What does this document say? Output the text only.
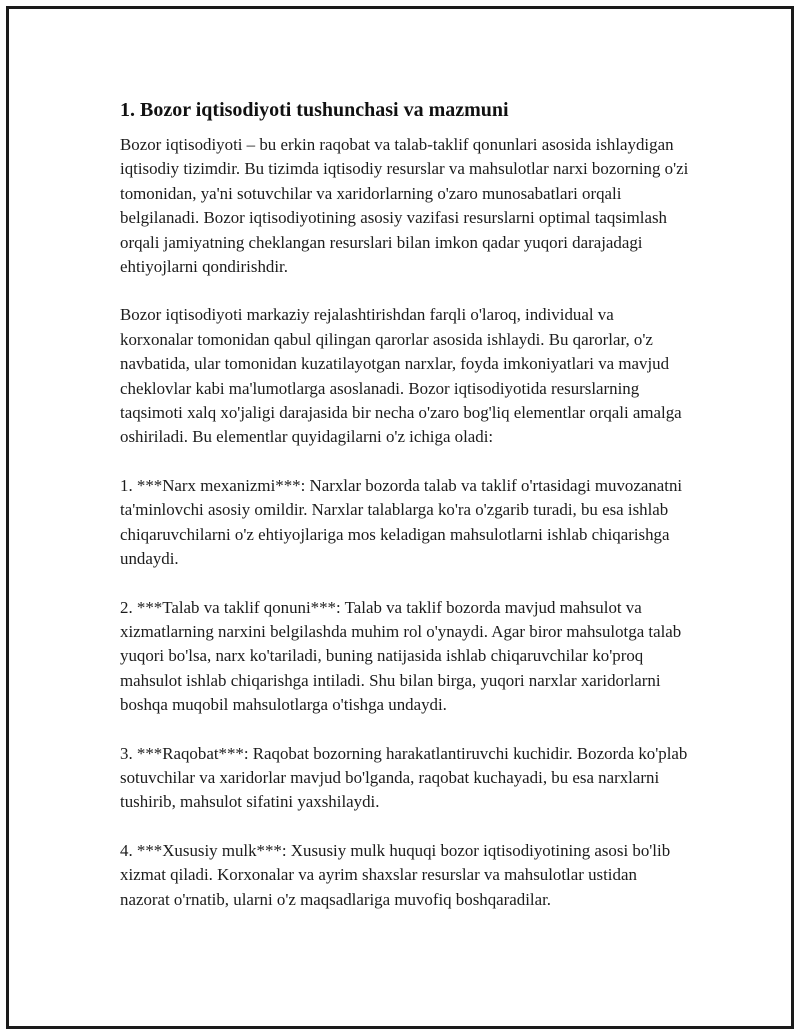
1. Bozor iqtisodiyoti tushunchasi va mazmuni

Bozor iqtisodiyoti – bu erkin raqobat va talab-taklif qonunlari asosida ishlaydigan iqtisodiy tizimdir. Bu tizimda iqtisodiy resurslar va mahsulotlar narxi bozorning o'zi tomonidan, ya'ni sotuvchilar va xaridorlarning o'zaro munosabatlari orqali belgilanadi. Bozor iqtisodiyotining asosiy vazifasi resurslarni optimal taqsimlash orqali jamiyatning cheklangan resurslari bilan imkon qadar yuqori darajadagi ehtiyojlarni qondirishdir.

Bozor iqtisodiyoti markaziy rejalashtirishdan farqli o'laroq, individual va korxonalar tomonidan qabul qilingan qarorlar asosida ishlaydi. Bu qarorlar, o'z navbatida, ular tomonidan kuzatilayotgan narxlar, foyda imkoniyatlari va mavjud cheklovlar kabi ma'lumotlarga asoslanadi. Bozor iqtisodiyotida resurslarning taqsimoti xalq xo'jaligi darajasida bir necha o'zaro bog'liq elementlar orqali amalga oshiriladi. Bu elementlar quyidagilarni o'z ichiga oladi:

1. ***Narx mexanizmi***: Narxlar bozorda talab va taklif o'rtasidagi muvozanatni ta'minlovchi asosiy omildir. Narxlar talablarga ko'ra o'zgarib turadi, bu esa ishlab chiqaruvchilarni o'z ehtiyojlariga mos keladigan mahsulotlarni ishlab chiqarishga undaydi.

2. ***Talab va taklif qonuni***: Talab va taklif bozorda mavjud mahsulot va xizmatlarning narxini belgilashda muhim rol o'ynaydi. Agar biror mahsulotga talab yuqori bo'lsa, narx ko'tariladi, buning natijasida ishlab chiqaruvchilar ko'proq mahsulot ishlab chiqarishga intiladi. Shu bilan birga, yuqori narxlar xaridorlarni boshqa muqobil mahsulotlarga o'tishga undaydi.

3. ***Raqobat***: Raqobat bozorning harakatlantiruvchi kuchidir. Bozorda ko'plab sotuvchilar va xaridorlar mavjud bo'lganda, raqobat kuchayadi, bu esa narxlarni tushirib, mahsulot sifatini yaxshilaydi.

4. ***Xususiy mulk***: Xususiy mulk huquqi bozor iqtisodiyotining asosi bo'lib xizmat qiladi. Korxonalar va ayrim shaxslar resurslar va mahsulotlar ustidan nazorat o'rnatib, ularni o'z maqsadlariga muvofiq boshqaradilar.
